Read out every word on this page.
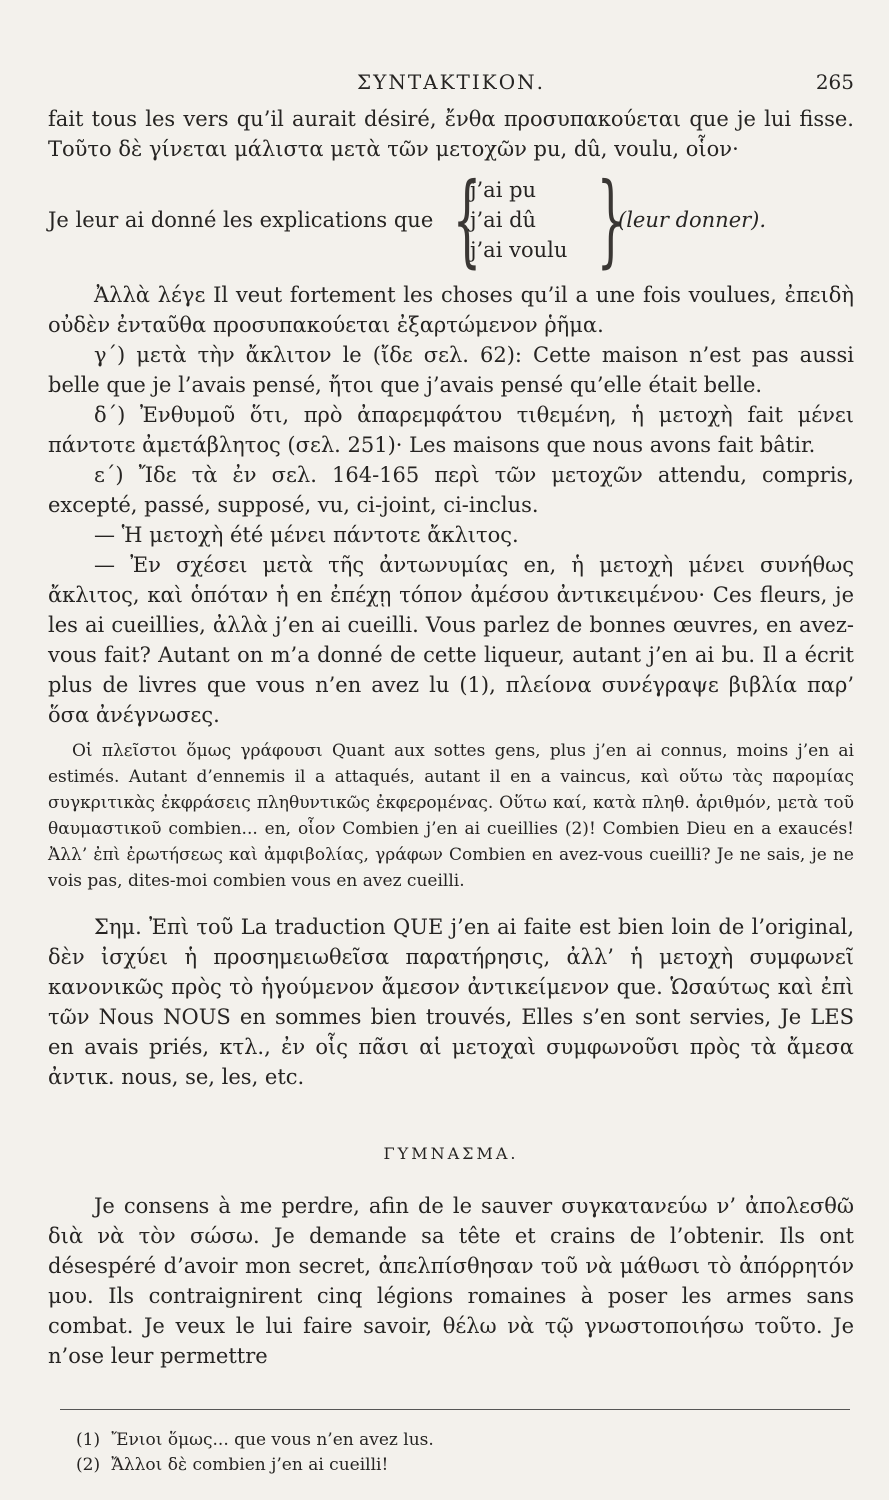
ΣΥΝΤΑΚΤΙΚΟΝ.	265

fait tous les vers qu’il aurait désiré, ἔνθα προσυπακούεται que je lui fisse. Τοῦτο δὲ γίνεται μάλιστα μετὰ τῶν μετοχῶν pu, dû, voulu, οἷον·

Je leur ai donné les explications que {
j’ai pu
j’ai dû
j’ai voulu }
(leur donner).

Ἀλλὰ λέγε Il veut fortement les choses qu’il a une fois voulues, ἐπειδὴ οὐδὲν ἐνταῦθα προσυπακούεται ἐξαρτώμενον ῥῆμα.

γ΄) μετὰ τὴν ἄκλιτον le (ἴδε σελ. 62): Cette maison n’est pas aussi belle que je l’avais pensé, ἤτοι que j’avais pensé qu’elle était belle.

δ΄) Ἐνθυμοῦ ὅτι, πρὸ ἀπαρεμφάτου τιθεμένη, ἡ μετοχὴ fait μένει πάντοτε ἀμετάβλητος (σελ. 251)· Les maisons que nous avons fait bâtir.

ε΄) Ἴδε τὰ ἐν σελ. 164-165 περὶ τῶν μετοχῶν attendu, compris, excepté, passé, supposé, vu, ci-joint, ci-inclus.

— Ἡ μετοχὴ été μένει πάντοτε ἄκλιτος.

— Ἐν σχέσει μετὰ τῆς ἀντωνυμίας en, ἡ μετοχὴ μένει συνήθως ἄκλιτος, καὶ ὁπόταν ἡ en ἐπέχῃ τόπον ἀμέσου ἀντικειμένου· Ces fleurs, je les ai cueillies, ἀλλὰ j’en ai cueilli. Vous parlez de bonnes œuvres, en avez-vous fait? Autant on m’a donné de cette liqueur, autant j’en ai bu. Il a écrit plus de livres que vous n’en avez lu (1), πλείονα συνέγραψε βιβλία παρ’ ὅσα ἀνέγνωσες.

Οἱ πλεῖστοι ὅμως γράφουσι Quant aux sottes gens, plus j’en ai connus, moins j’en ai estimés. Autant d’ennemis il a attaqués, autant il en a vaincus, καὶ οὕτω τὰς παρομίας συγκριτικὰς ἐκφράσεις πληθυντικῶς ἐκφερομένας. Οὕτω καί, κατὰ πληθ. ἀριθμόν, μετὰ τοῦ θαυμαστικοῦ combien... en, οἷον Combien j’en ai cueillies (2)! Combien Dieu en a exaucés! Ἀλλ’ ἐπὶ ἐρωτήσεως καὶ ἀμφιβολίας, γράφων Combien en avez-vous cueilli? Je ne sais, je ne vois pas, dites-moi combien vous en avez cueilli.

Σημ. Ἐπὶ τοῦ La traduction QUE j’en ai faite est bien loin de l’original, δὲν ἰσχύει ἡ προσημειωθεῖσα παρατήρησις, ἀλλ’ ἡ μετοχὴ συμφωνεῖ κανονικῶς πρὸς τὸ ἡγούμενον ἄμεσον ἀντικείμενον que. Ὡσαύτως καὶ ἐπὶ τῶν Nous NOUS en sommes bien trouvés, Elles s’en sont servies, Je LES en avais priés, κτλ., ἐν οἷς πᾶσι αἱ μετοχαὶ συμφωνοῦσι πρὸς τὰ ἄμεσα ἀντικ. nous, se, les, etc.

ΓΥΜΝΑΣΜΑ.

Je consens à me perdre, afin de le sauver συγκατανεύω ν’ ἀπολεσθῶ διὰ νὰ τὸν σώσω. Je demande sa tête et crains de l’obtenir. Ils ont désespéré d’avoir mon secret, ἀπελπίσθησαν τοῦ νὰ μάθωσι τὸ ἀπόρρητόν μου. Ils contraignirent cinq légions romaines à poser les armes sans combat. Je veux le lui faire savoir, θέλω νὰ τῷ γνωστοποιήσω τοῦτο. Je n’ose leur permettre

(1) Ἔνιοι ὅμως... que vous n’en avez lus.
(2) Ἄλλοι δὲ combien j’en ai cueilli!
